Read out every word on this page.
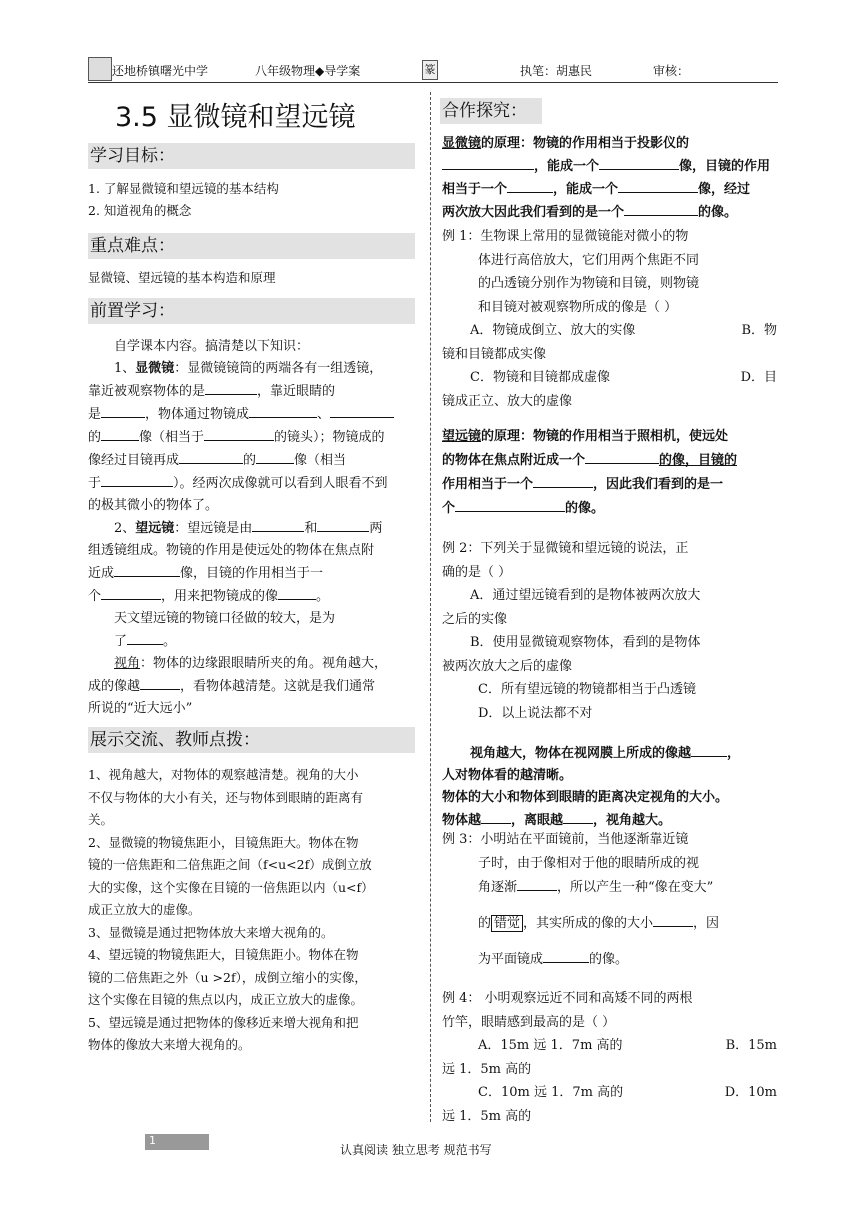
还地桥镇曙光中学	八年级物理◆导学案	篆	执笔：胡惠民	审核：
3.5 显微镜和望远镜
学习目标：
1. 了解显微镜和望远镜的基本结构
2. 知道视角的概念
重点难点：
显微镜、望远镜的基本构造和原理
前置学习：
自学课本内容。搞清楚以下知识：
1、显微镜：显微镜镜筒的两端各有一组透镜，
靠近被观察物体的是	，靠近眼睛的
是	，物体通过物镜成	、
的	像（相当于	的镜头）；物镜成的
像经过目镜再成	的	像（相当
于	）。经两次成像就可以看到人眼看不到
的极其微小的物体了。
2、望远镜：望远镜是由	和	两
组透镜组成。物镜的作用是使远处的物体在焦点附
近成	像，目镜的作用相当于一
个	，用来把物镜成的像	。
天文望远镜的物镜口径做的较大，是为
了	。
视角：物体的边缘跟眼睛所夹的角。视角越大，
成的像越	，看物体越清楚。这就是我们通常
所说的“近大远小”
展示交流、教师点拨：
1、视角越大，对物体的观察越清楚。视角的大小
不仅与物体的大小有关，还与物体到眼睛的距离有
关。
2、显微镜的物镜焦距小，目镜焦距大。物体在物
镜的一倍焦距和二倍焦距之间（f<u<2f）成倒立放
大的实像，这个实像在目镜的一倍焦距以内（u<f）
成正立放大的虚像。
3、显微镜是通过把物体放大来增大视角的。
4、望远镜的物镜焦距大，目镜焦距小。物体在物
镜的二倍焦距之外（u >2f），成倒立缩小的实像，
这个实像在目镜的焦点以内，成正立放大的虚像。
5、望远镜是通过把物体的像移近来增大视角和把
物体的像放大来增大视角的。
合作探究：
显微镜的原理：物镜的作用相当于投影仪的
，能成一个	像，目镜的作用
相当于一个	，能成一个	像，经过
两次放大因此我们看到的是一个	的像。
例 1：生物课上常用的显微镜能对微小的物
体进行高倍放大，它们用两个焦距不同
的凸透镜分别作为物镜和目镜，则物镜
和目镜对被观察物所成的像是（ ）
A．物镜成倒立、放大的实像	B．物
镜和目镜都成实像
C．物镜和目镜都成虚像	D．目
镜成正立、放大的虚像
望远镜的原理：物镜的作用相当于照相机，使远处
的物体在焦点附近成一个	的像，目镜的
作用相当于一个	，因此我们看到的是一
个	的像。
例 2：下列关于显微镜和望远镜的说法，正
确的是（ ）
A．通过望远镜看到的是物体被两次放大
之后的实像
B．使用显微镜观察物体，看到的是物体
被两次放大之后的虚像
C．所有望远镜的物镜都相当于凸透镜
D．以上说法都不对
视角越大，物体在视网膜上所成的像越	，
人对物体看的越清晰。
物体的大小和物体到眼睛的距离决定视角的大小。
物体越 ，离眼越 ，视角越大。
例 3：小明站在平面镜前，当他逐渐靠近镜
子时，由于像相对于他的眼睛所成的视
角逐渐	，所以产生一种“像在变大”
的 错觉 ，其实所成的像的大小	，因
为平面镜成	的像。
例 4： 小明观察远近不同和高矮不同的两根
竹竿，眼睛感到最高的是（ ）
A．15m 远 1．7m 高的	B．15m
远 1．5m 高的
C．10m 远 1．7m 高的	D．10m
远 1．5m 高的
1
认真阅读 独立思考 规范书写
